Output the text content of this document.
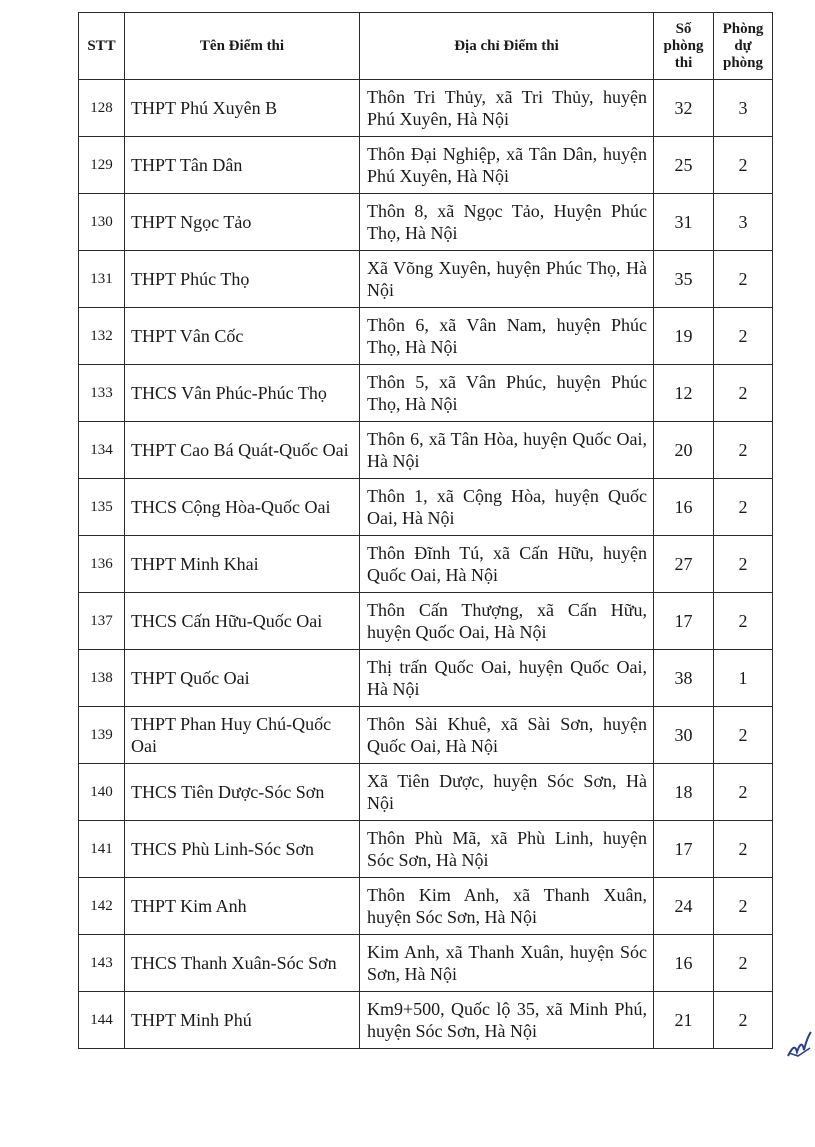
STT	Tên Điểm thi	Địa chỉ Điểm thi	Số phòng thi	Phòng dự phòng
128	THPT Phú Xuyên B	Thôn Tri Thủy, xã Tri Thủy, huyện Phú Xuyên, Hà Nội	32	3
129	THPT Tân Dân	Thôn Đại Nghiệp, xã Tân Dân, huyện Phú Xuyên, Hà Nội	25	2
130	THPT Ngọc Tảo	Thôn 8, xã Ngọc Tảo, Huyện Phúc Thọ, Hà Nội	31	3
131	THPT Phúc Thọ	Xã Võng Xuyên, huyện Phúc Thọ, Hà Nội	35	2
132	THPT Vân Cốc	Thôn 6, xã Vân Nam, huyện Phúc Thọ, Hà Nội	19	2
133	THCS Vân Phúc-Phúc Thọ	Thôn 5, xã Vân Phúc, huyện Phúc Thọ, Hà Nội	12	2
134	THPT Cao Bá Quát-Quốc Oai	Thôn 6, xã Tân Hòa, huyện Quốc Oai, Hà Nội	20	2
135	THCS Cộng Hòa-Quốc Oai	Thôn 1, xã Cộng Hòa, huyện Quốc Oai, Hà Nội	16	2
136	THPT Minh Khai	Thôn Đĩnh Tú, xã Cấn Hữu, huyện Quốc Oai, Hà Nội	27	2
137	THCS Cấn Hữu-Quốc Oai	Thôn Cấn Thượng, xã Cấn Hữu, huyện Quốc Oai, Hà Nội	17	2
138	THPT Quốc Oai	Thị trấn Quốc Oai, huyện Quốc Oai, Hà Nội	38	1
139	THPT Phan Huy Chú-Quốc Oai	Thôn Sài Khuê, xã Sài Sơn, huyện Quốc Oai, Hà Nội	30	2
140	THCS Tiên Dược-Sóc Sơn	Xã Tiên Dược, huyện Sóc Sơn, Hà Nội	18	2
141	THCS Phù Linh-Sóc Sơn	Thôn Phù Mã, xã Phù Linh, huyện Sóc Sơn, Hà Nội	17	2
142	THPT Kim Anh	Thôn Kim Anh, xã Thanh Xuân, huyện Sóc Sơn, Hà Nội	24	2
143	THCS Thanh Xuân-Sóc Sơn	Kim Anh, xã Thanh Xuân, huyện Sóc Sơn, Hà Nội	16	2
144	THPT Minh Phú	Km9+500, Quốc lộ 35, xã Minh Phú, huyện Sóc Sơn, Hà Nội	21	2
